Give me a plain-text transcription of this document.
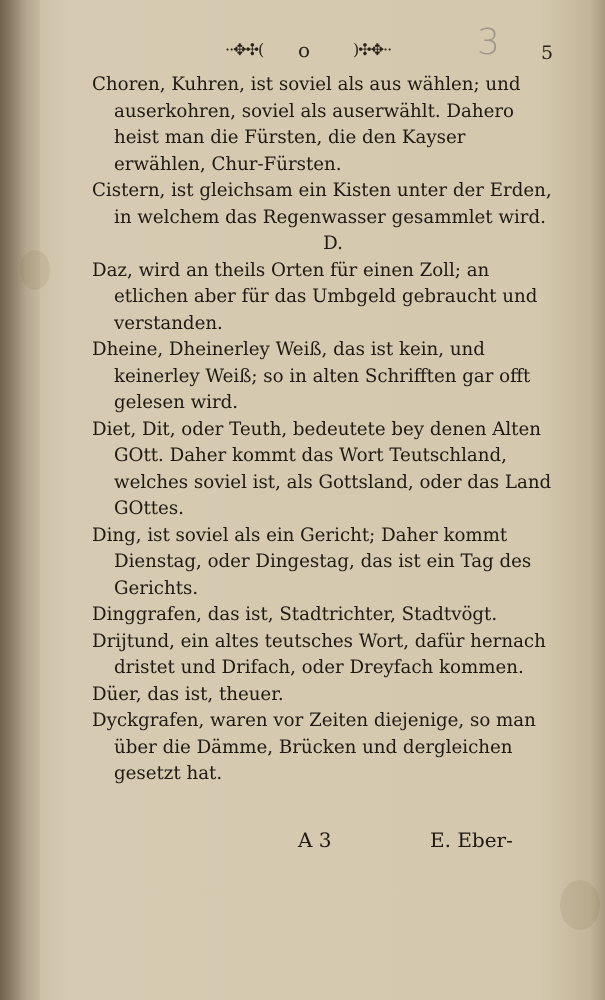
··✥✣( o	)✣✥·· 3 5

Choren, Kuhren, ist soviel als aus wählen; und auserkohren, soviel als auserwählt. Dahero heist man die Fürsten, die den Kayser erwählen, Chur-Fürsten.

Cistern, ist gleichsam ein Kisten unter der Erden, in welchem das Regenwasser gesammlet wird.

D.

Daz, wird an theils Orten für einen Zoll; an etlichen aber für das Umbgeld gebraucht und verstanden.

Dheine, Dheinerley Weiß, das ist kein, und keinerley Weiß; so in alten Schrifften gar offt gelesen wird.

Diet, Dit, oder Teuth, bedeutete bey denen Alten GOtt. Daher kommt das Wort Teutschland, welches soviel ist, als Gottsland, oder das Land GOttes.

Ding, ist soviel als ein Gericht; Daher kommt Dienstag, oder Dingestag, das ist ein Tag des Gerichts.

Dinggrafen, das ist, Stadtrichter, Stadtvögt.

Drijtund, ein altes teutsches Wort, dafür hernach dristet und Drifach, oder Dreyfach kommen.

Düer, das ist, theuer.

Dyckgrafen, waren vor Zeiten diejenige, so man über die Dämme, Brücken und dergleichen gesetzt hat.

A 3	E. Eber-
